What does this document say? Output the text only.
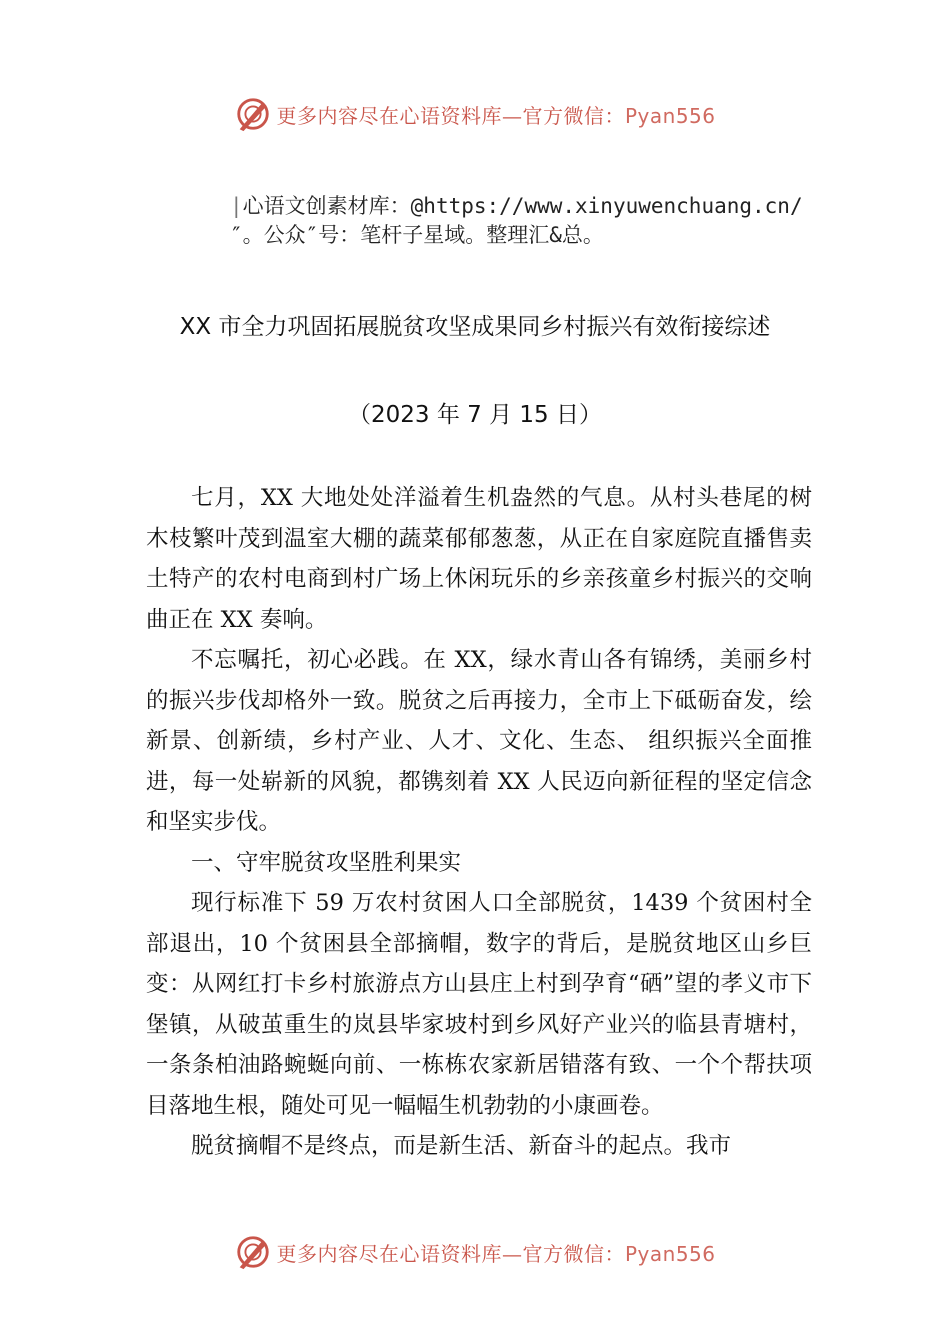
更多内容尽在心语资料库—官方微信：Pyan556
|心语文创素材库：@https://www.xinyuwenchuang.cn/″。公众″号：笔杆子星域。整理汇&总。
XX 市全力巩固拓展脱贫攻坚成果同乡村振兴有效衔接综述
（2023 年 7 月 15 日）

七月，XX 大地处处洋溢着生机盎然的气息。从村头巷尾的树木枝繁叶茂到温室大棚的蔬菜郁郁葱葱，从正在自家庭院直播售卖土特产的农村电商到村广场上休闲玩乐的乡亲孩童乡村振兴的交响曲正在 XX 奏响。

不忘嘱托，初心必践。在 XX，绿水青山各有锦绣，美丽乡村的振兴步伐却格外一致。脱贫之后再接力，全市上下砥砺奋发，绘新景、创新绩，乡村产业、人才、文化、生态、 组织振兴全面推进，每一处崭新的风貌，都镌刻着 XX 人民迈向新征程的坚定信念和坚实步伐。

一、守牢脱贫攻坚胜利果实

现行标准下 59 万农村贫困人口全部脱贫，1439 个贫困村全部退出，10 个贫困县全部摘帽，数字的背后，是脱贫地区山乡巨变：从网红打卡乡村旅游点方山县庄上村到孕育“硒”望的孝义市下堡镇，从破茧重生的岚县毕家坡村到乡风好产业兴的临县青塘村，一条条柏油路蜿蜒向前、一栋栋农家新居错落有致、一个个帮扶项目落地生根，随处可见一幅幅生机勃勃的小康画卷。

脱贫摘帽不是终点，而是新生活、新奋斗的起点。我市

更多内容尽在心语资料库—官方微信：Pyan556
